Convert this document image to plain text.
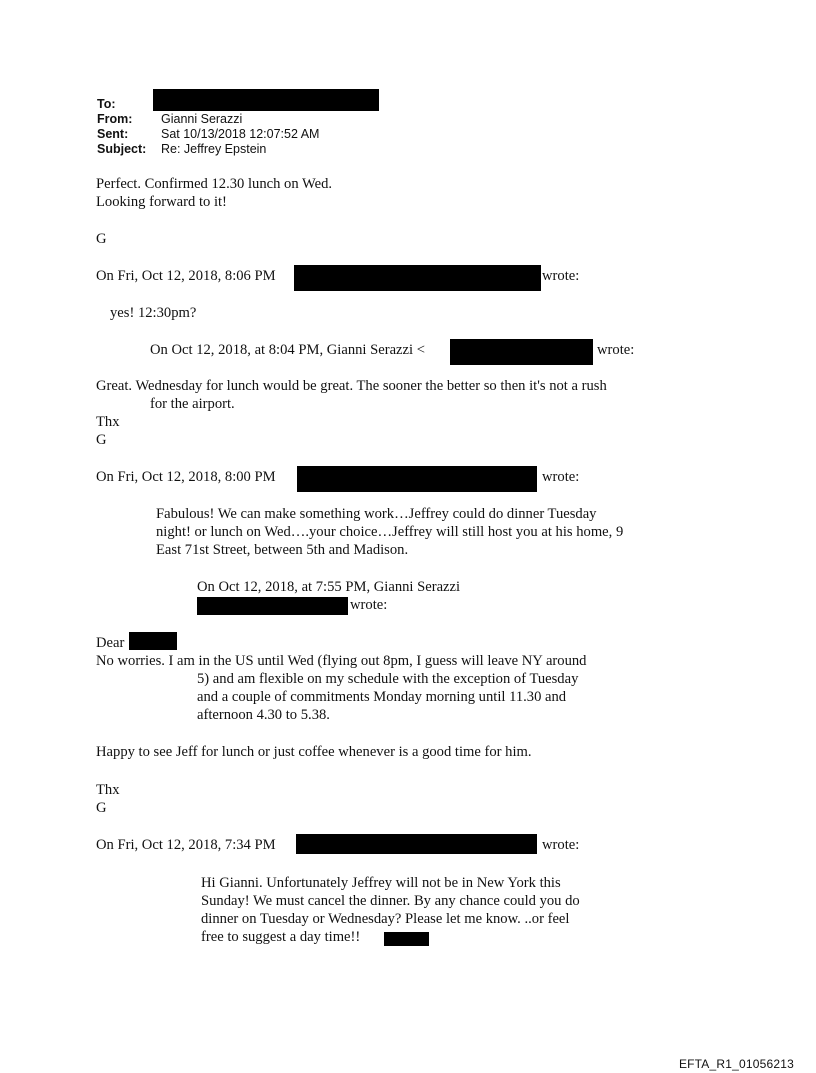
To:
From: Gianni Serazzi
Sent:	Sat 10/13/2018 12:07:52 AM
Subject: Re: Jeffrey Epstein
Perfect. Confirmed 12.30 lunch on Wed.
Looking forward to it!
G
On Fri, Oct 12, 2018, 8:06 PM	wrote:
yes! 12:30pm?
On Oct 12, 2018, at 8:04 PM, Gianni Serazzi <	wrote:
Great. Wednesday for lunch would be great. The sooner the better so then it's not a rush
for the airport.
Thx
G
On Fri, Oct 12, 2018, 8:00 PM	wrote:
Fabulous! We can make something work…Jeffrey could do dinner Tuesday
night! or lunch on Wed….your choice…Jeffrey will still host you at his home, 9
East 71st Street, between 5th and Madison.
On Oct 12, 2018, at 7:55 PM, Gianni Serazzi
wrote:
Dear
No worries. I am in the US until Wed (flying out 8pm, I guess will leave NY around
5) and am flexible on my schedule with the exception of Tuesday
and a couple of commitments Monday morning until 11.30 and
afternoon 4.30 to 5.38.
Happy to see Jeff for lunch or just coffee whenever is a good time for him.
Thx
G
On Fri, Oct 12, 2018, 7:34 PM	wrote:
Hi Gianni. Unfortunately Jeffrey will not be in New York this
Sunday! We must cancel the dinner. By any chance could you do
dinner on Tuesday or Wednesday? Please let me know. ..or feel
free to suggest a day time!!
EFTA_R1_01056213
